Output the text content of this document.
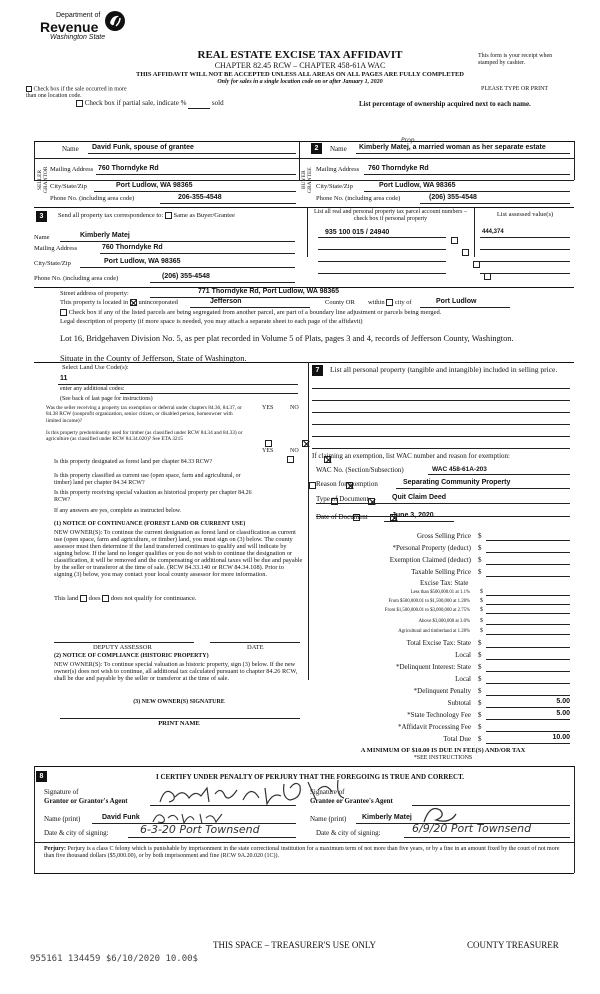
Department of
Revenue
Washington State
REAL ESTATE EXCISE TAX AFFIDAVIT
CHAPTER 82.45 RCW – CHAPTER 458-61A WAC
THIS AFFIDAVIT WILL NOT BE ACCEPTED UNLESS ALL AREAS ON ALL PAGES ARE FULLY COMPLETED
Only for sales in a single location code on or after January 1, 2020
This form is your receipt when stamped by cashier.
PLEASE TYPE OR PRINT
Check box if the sale occurred in more than one location code.
Check box if partial sale, indicate %	sold	List percentage of ownership acquired next to each name.
SELLER GRANTOR	BUYER GRANTEE
Name David Funk, spouse of grantee
Mailing Address 760 Thorndyke Rd
City/State/Zip	Port Ludlow, WA 98365
Phone No. (including area code)	206-355-4548
2	Name
Prop.
Kimberly Matej, a married woman as her separate estate
Mailing Address 760 Thorndyke Rd
City/State/Zip	Port Ludlow, WA 98365
Phone No. (including area code)	(206) 355-4548
3	Send all property tax correspondence to: Same as Buyer/Grantee
Name	Kimberly Matej
Mailing Address	760 Thorndyke Rd
City/State/Zip	Port Ludlow, WA 98365
Phone No. (including area code)	(206) 355-4548
List all real and personal property tax parcel account numbers – check box if personal property
List assessed value(s)
935 100 015 / 24940	444,374

Street address of property:	771 Thorndyke Rd, Port Ludlow, WA 98365
This property is located in unincorporated	Jefferson	County OR within city of	Port Ludlow
Check box if any of the listed parcels are being segregated from another parcel, are part of a boundary line adjustment or parcels being merged.
Legal description of property (if more space is needed, you may attach a separate sheet to each page of the affidavit)
Lot 16, Bridgehaven Division No. 5, as per plat recorded in Volume 5 of Plats, pages 3 and 4, records of Jefferson County, Washington.
Situate in the County of Jefferson, State of Washington.
Select Land Use Code(s):
11
enter any additional codes:
(See back of last page for instructions)
YES	NO
Was the seller receiving a property tax exemption or deferral under chapters 84.36, 84.37, or 84.38 RCW (nonprofit organization, senior citizen, or disabled person, homeowner with limited income)?

Is this property predominantly used for timber (as classified under RCW 84.34 and 84.33) or agriculture (as classified under RCW 84.34.020)? See ETA 3215

YES	NO
Is this property designated as forest land per chapter 84.33 RCW?

Is this property classified as current use (open space, farm and agricultural, or timber) land per chapter 84.34 RCW?

Is this property receiving special valuation as historical property per chapter 84.26 RCW?

If any answers are yes, complete as instructed below.
(1) NOTICE OF CONTINUANCE (FOREST LAND OR CURRENT USE)
NEW OWNER(S): To continue the current designation as forest land or classification as current use (open space, farm and agriculture, or timber) land, you must sign on (3) below. The county assessor must then determine if the land transferred continues to qualify and will indicate by signing below. If the land no longer qualifies or you do not wish to continue the designation or classification, it will be removed and the compensating or additional taxes will be due and payable by the seller or transferor at the time of sale. (RCW 84.33.140 or RCW 84.34.108). Prior to signing (3) below, you may contact your local county assessor for more information.
This land does does not qualify for continuance.
DEPUTY ASSESSOR	DATE
(2) NOTICE OF COMPLIANCE (HISTORIC PROPERTY)
NEW OWNER(S): To continue special valuation as historic property, sign (3) below. If the new owner(s) does not wish to continue, all additional tax calculated pursuant to chapter 84.26 RCW, shall be due and payable by the seller or transferor at the time of sale.
(3) NEW OWNER(S) SIGNATURE
PRINT NAME
7	List all personal property (tangible and intangible) included in selling price.
If claiming an exemption, list WAC number and reason for exemption:
WAC No. (Section/Subsection)	WAC 458-61A-203
Reason for exemption	Separating Community Property
Type of Document	Quit Claim Deed
Date of Document	June 3, 2020
Gross Selling Price $
*Personal Property (deduct) $
Exemption Claimed (deduct) $
Taxable Selling Price $
Excise Tax: State
Less than $500,000.01 at 1.1% $
From $500,000.01 to $1,500,000 at 1.28% $
From $1,500,000.01 to $3,000,000 at 2.75% $
Above $3,000,000 at 3.0% $
Agricultural and timberland at 1.28% $
Total Excise Tax: State $
Local $
*Delinquent Interest: State $
Local $
*Delinquent Penalty $
Subtotal $	5.00
*State Technology Fee $	5.00
*Affidavit Processing Fee $
Total Due $	10.00
A MINIMUM OF $10.00 IS DUE IN FEE(S) AND/OR TAX
*SEE INSTRUCTIONS
8	I CERTIFY UNDER PENALTY OF PERJURY THAT THE FOREGOING IS TRUE AND CORRECT.
Signature of
Grantor or Grantor's Agent
Name (print)	David Funk
Date & city of signing:	6-3-20 Port Townsend
Signature of
Grantee or Grantee's Agent
Name (print) Kimberly Matej
Date & city of signing:	6/9/20 Port Townsend
Perjury: Perjury is a class C felony which is punishable by imprisonment in the state correctional institution for a maximum term of not more than five years, or by a fine in an amount fixed by the court of not more than five thousand dollars ($5,000.00), or by both imprisonment and fine (RCW 9A.20.020 (1C)).
THIS SPACE – TREASURER'S USE ONLY	COUNTY TREASURER
955161 134459 $6/10/2020 10.00$
